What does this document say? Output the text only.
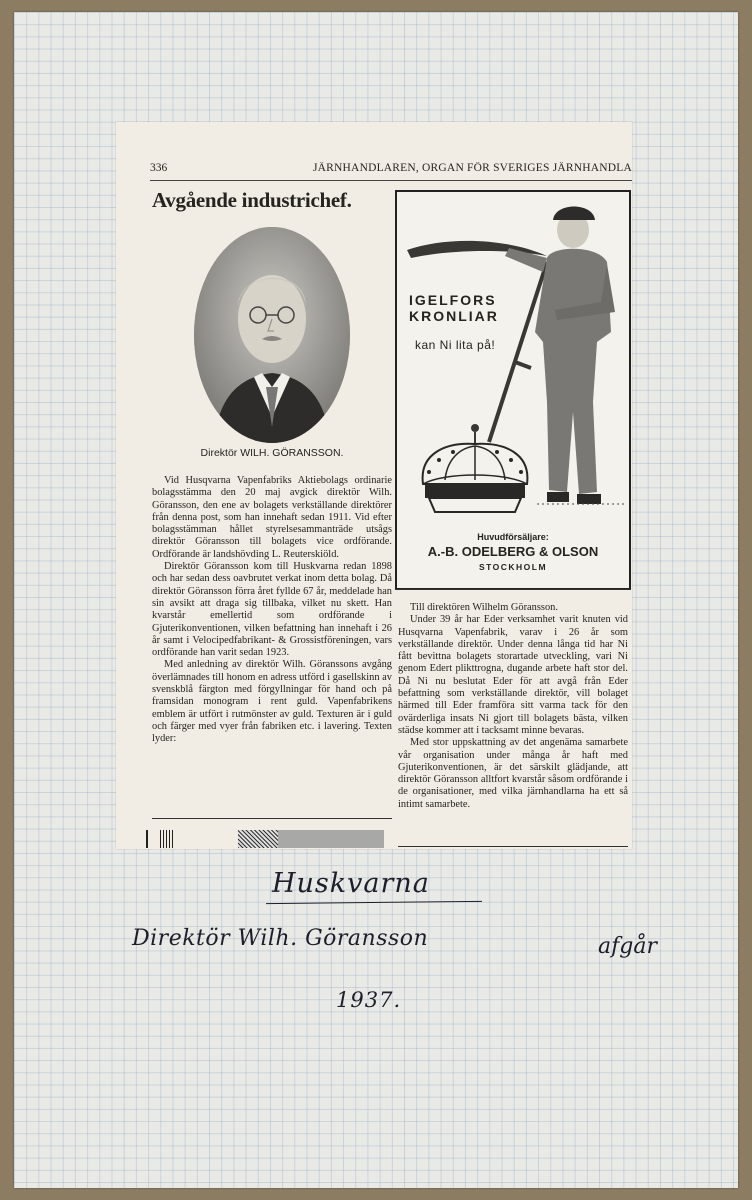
336	JÄRNHANDLAREN, ORGAN FÖR SVERIGES JÄRNHANDLA
Avgående industrichef.
Direktör WILH. GÖRANSSON.

Vid Husqvarna Vapenfabriks Aktiebolags ordinarie bolagsstämma den 20 maj avgick direktör Wilh. Göransson, den ene av bolagets verkställande direktörer från denna post, som han innehaft sedan 1911. Vid efter bolagsstämman hållet styrelsesammanträde utsågs direktör Göransson till bolagets vice ordförande. Ordförande är landshövding L. Reuterskiöld.

Direktör Göransson kom till Huskvarna redan 1898 och har sedan dess oavbrutet verkat inom detta bolag. Då direktör Göransson förra året fyllde 67 år, meddelade han sin avsikt att draga sig tillbaka, vilket nu skett. Han kvarstår emellertid som ordförande i Gjuterikonventionen, vilken befattning han innehaft i 26 år samt i Velocipedfabrikant- & Grossistföreningen, vars ordförande han varit sedan 1923.

Med anledning av direktör Wilh. Göranssons avgång överlämnades till honom en adress utförd i gasellskinn av svenskblå färgton med förgyllningar för hand och på framsidan monogram i rent guld. Vapenfabrikens emblem är utfört i rutmönster av guld. Texturen är i guld och färger med vyer från fabriken etc. i lavering. Texten lyder:

IGELFORS
KRONLIAR
kan Ni lita på!
Huvudförsäljare:
A.-B. ODELBERG & OLSON
STOCKHOLM

Till direktören Wilhelm Göransson.

Under 39 år har Eder verksamhet varit knuten vid Husqvarna Vapenfabrik, varav i 26 år som verkställande direktör. Under denna långa tid har Ni fått bevittna bolagets storartade utveckling, vari Ni genom Edert plikttrogna, dugande arbete haft stor del. Då Ni nu beslutat Eder för att avgå från Eder befattning som verkställande direktör, vill bolaget härmed till Eder framföra sitt varma tack för den ovärderliga insats Ni gjort till bolagets bästa, vilken städse kommer att i tacksamt minne bevaras.

Med stor uppskattning av det angenäma samarbete vår organisation under många år haft med Gjuterikonventionen, är det särskilt glädjande, att direktör Göransson alltfort kvarstår såsom ordförande i de organisationer, med vilka järnhandlarna ha ett så intimt samarbete.

Huskvarna
Direktör Wilh. Göransson	afgår
1937.
